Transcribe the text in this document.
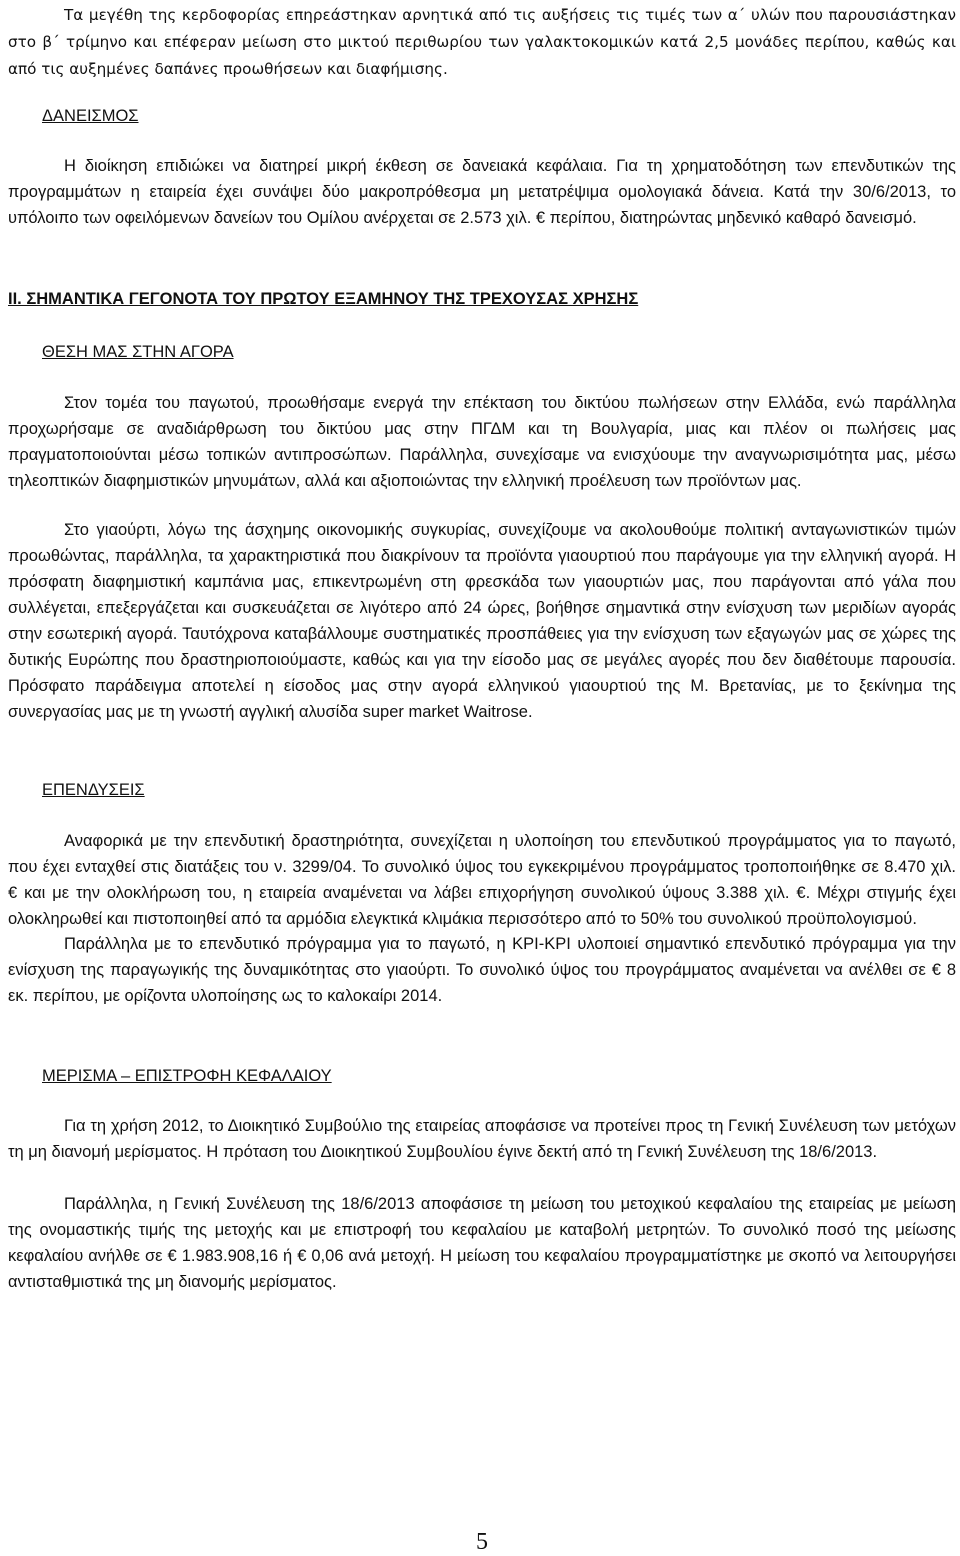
Τα μεγέθη της κερδοφορίας επηρεάστηκαν αρνητικά από τις αυξήσεις τις τιμές των α΄ υλών που παρουσιάστηκαν στο β΄ τρίμηνο και επέφεραν μείωση στο μικτού περιθωρίου των γαλακτοκομικών κατά 2,5 μονάδες περίπου, καθώς και από τις αυξημένες δαπάνες προωθήσεων και διαφήμισης.

ΔΑΝΕΙΣΜΟΣ

Η διοίκηση επιδιώκει να διατηρεί μικρή έκθεση σε δανειακά κεφάλαια. Για τη χρηματοδότηση των επενδυτικών της προγραμμάτων η εταιρεία έχει συνάψει δύο μακροπρόθεσμα μη μετατρέψιμα ομολογιακά δάνεια. Κατά την 30/6/2013, το υπόλοιπο των οφειλόμενων δανείων του Ομίλου ανέρχεται σε 2.573 χιλ. € περίπου, διατηρώντας μηδενικό καθαρό δανεισμό.

II. ΣΗΜΑΝΤΙΚΑ ΓΕΓΟΝΟΤΑ ΤΟΥ ΠΡΩΤΟΥ ΕΞΑΜΗΝΟΥ ΤΗΣ ΤΡΕΧΟΥΣΑΣ ΧΡΗΣΗΣ
ΘΕΣΗ ΜΑΣ ΣΤΗΝ ΑΓΟΡΑ

Στον τομέα του παγωτού, προωθήσαμε ενεργά την επέκταση του δικτύου πωλήσεων στην Ελλάδα, ενώ παράλληλα προχωρήσαμε σε αναδιάρθρωση του δικτύου μας στην ΠΓΔΜ και τη Βουλγαρία, μιας και πλέον οι πωλήσεις μας πραγματοποιούνται μέσω τοπικών αντιπροσώπων. Παράλληλα, συνεχίσαμε να ενισχύουμε την αναγνωρισιμότητα μας, μέσω τηλεοπτικών διαφημιστικών μηνυμάτων, αλλά και αξιοποιώντας την ελληνική προέλευση των προϊόντων μας.

Στο γιαούρτι, λόγω της άσχημης οικονομικής συγκυρίας, συνεχίζουμε να ακολουθούμε πολιτική ανταγωνιστικών τιμών προωθώντας, παράλληλα, τα χαρακτηριστικά που διακρίνουν τα προϊόντα γιαουρτιού που παράγουμε για την ελληνική αγορά. Η πρόσφατη διαφημιστική καμπάνια μας, επικεντρωμένη στη φρεσκάδα των γιαουρτιών μας, που παράγονται από γάλα που συλλέγεται, επεξεργάζεται και συσκευάζεται σε λιγότερο από 24 ώρες, βοήθησε σημαντικά στην ενίσχυση των μεριδίων αγοράς στην εσωτερική αγορά. Ταυτόχρονα καταβάλλουμε συστηματικές προσπάθειες για την ενίσχυση των εξαγωγών μας σε χώρες της δυτικής Ευρώπης που δραστηριοποιούμαστε, καθώς και για την είσοδο μας σε μεγάλες αγορές που δεν διαθέτουμε παρουσία. Πρόσφατο παράδειγμα αποτελεί η είσοδος μας στην αγορά ελληνικού γιαουρτιού της Μ. Βρετανίας, με το ξεκίνημα της συνεργασίας μας με τη γνωστή αγγλική αλυσίδα super market Waitrose.

ΕΠΕΝΔΥΣΕΙΣ

Αναφορικά με την επενδυτική δραστηριότητα, συνεχίζεται η υλοποίηση του επενδυτικού προγράμματος για το παγωτό, που έχει ενταχθεί στις διατάξεις του ν. 3299/04. Το συνολικό ύψος του εγκεκριμένου προγράμματος τροποποιήθηκε σε 8.470 χιλ. € και με την ολοκλήρωση του, η εταιρεία αναμένεται να λάβει επιχορήγηση συνολικού ύψους 3.388 χιλ. €. Μέχρι στιγμής έχει ολοκληρωθεί και πιστοποιηθεί από τα αρμόδια ελεγκτικά κλιμάκια περισσότερο από το 50% του συνολικού προϋπολογισμού.

Παράλληλα με το επενδυτικό πρόγραμμα για το παγωτό, η KPI-KPI υλοποιεί σημαντικό επενδυτικό πρόγραμμα για την ενίσχυση της παραγωγικής της δυναμικότητας στο γιαούρτι. Το συνολικό ύψος του προγράμματος αναμένεται να ανέλθει σε € 8 εκ. περίπου, με ορίζοντα υλοποίησης ως το καλοκαίρι 2014.

ΜΕΡΙΣΜΑ – ΕΠΙΣΤΡΟΦΗ ΚΕΦΑΛΑΙΟΥ

Για τη χρήση 2012, το Διοικητικό Συμβούλιο της εταιρείας αποφάσισε να προτείνει προς τη Γενική Συνέλευση των μετόχων τη μη διανομή μερίσματος. Η πρόταση του Διοικητικού Συμβουλίου έγινε δεκτή από τη Γενική Συνέλευση της 18/6/2013.

Παράλληλα, η Γενική Συνέλευση της 18/6/2013 αποφάσισε τη μείωση του μετοχικού κεφαλαίου της εταιρείας με μείωση της ονομαστικής τιμής της μετοχής και με επιστροφή του κεφαλαίου με καταβολή μετρητών. Το συνολικό ποσό της μείωσης κεφαλαίου ανήλθε σε € 1.983.908,16 ή € 0,06 ανά μετοχή. Η μείωση του κεφαλαίου προγραμματίστηκε με σκοπό να λειτουργήσει αντισταθμιστικά της μη διανομής μερίσματος.

5
